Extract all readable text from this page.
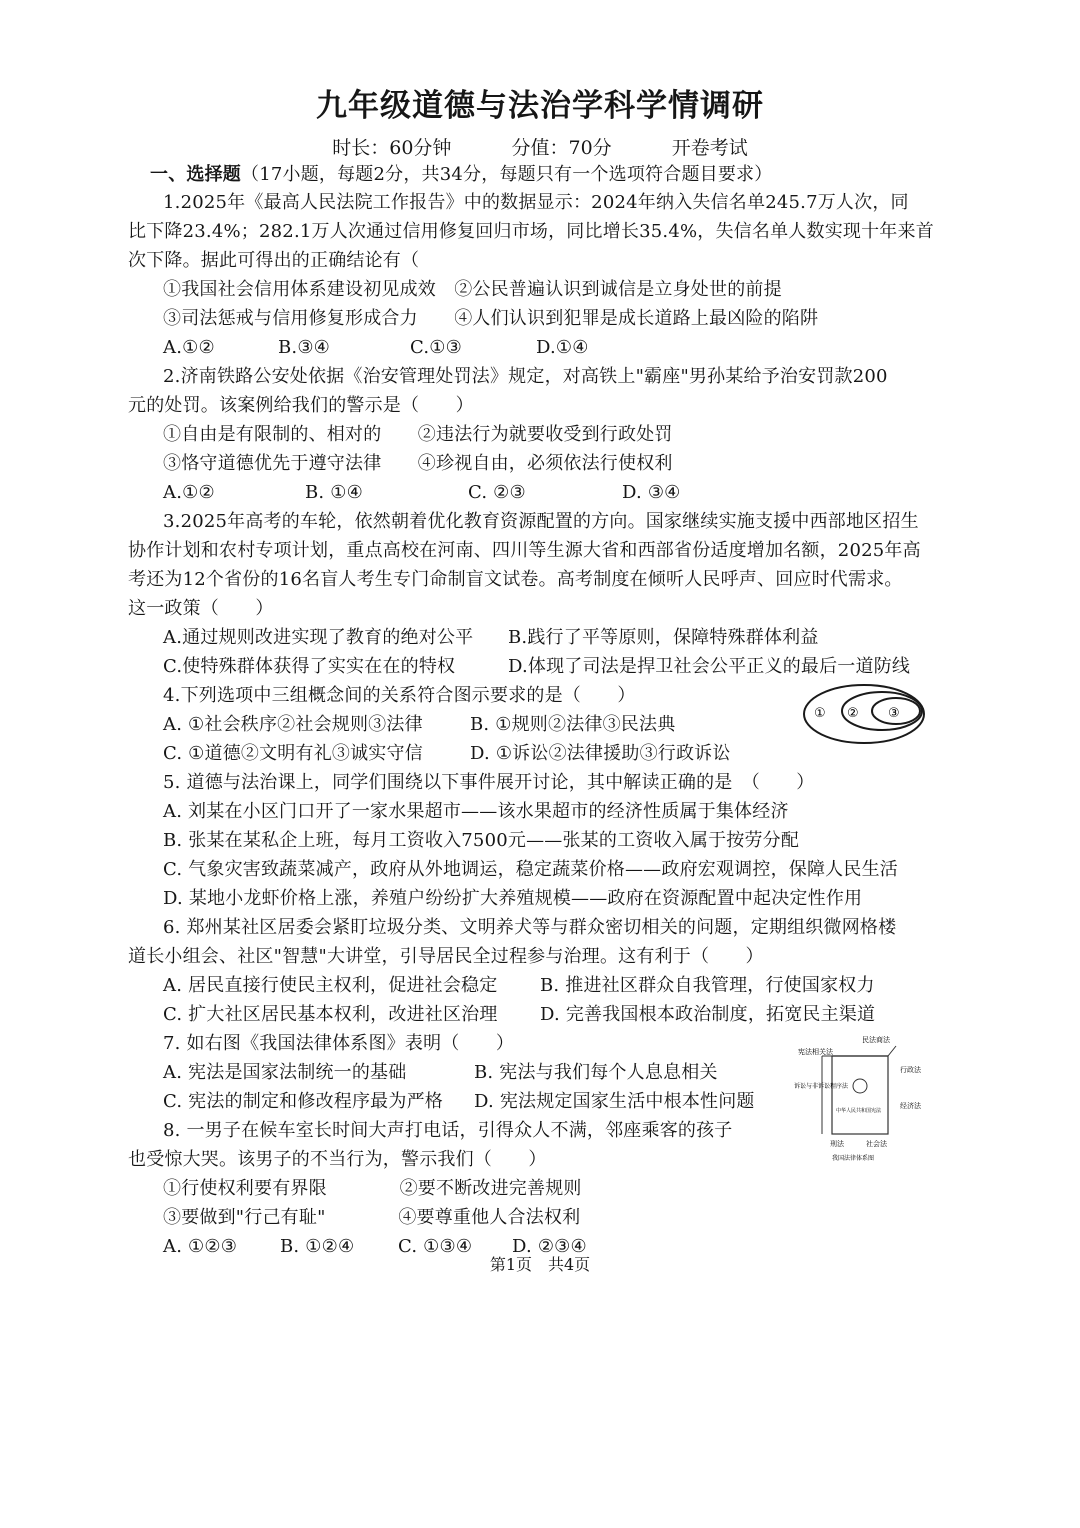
九年级道德与法治学科学情调研
时长：60分钟	分值：70分	开卷考试
一、选择题（17小题，每题2分，共34分，每题只有一个选项符合题目要求）
1.2025年《最高人民法院工作报告》中的数据显示：2024年纳入失信名单245.7万人次，同
比下降23.4%；282.1万人次通过信用修复回归市场，同比增长35.4%，失信名单人数实现十年来首
次下降。据此可得出的正确结论有（
①我国社会信用体系建设初见成效　②公民普遍认识到诚信是立身处世的前提
③司法惩戒与信用修复形成合力　　④人们认识到犯罪是成长道路上最凶险的陷阱
A.①②	B.③④	C.①③	D.①④
2.济南铁路公安处依据《治安管理处罚法》规定，对高铁上"霸座"男孙某给予治安罚款200
元的处罚。该案例给我们的警示是（　　）
①自由是有限制的、相对的　　②违法行为就要收受到行政处罚
③恪守道德优先于遵守法律　　④珍视自由，必须依法行使权利
A.①②	B. ①④	C. ②③	D. ③④
3.2025年高考的车轮，依然朝着优化教育资源配置的方向。国家继续实施支援中西部地区招生
协作计划和农村专项计划，重点高校在河南、四川等生源大省和西部省份适度增加名额，2025年高
考还为12个省份的16名盲人考生专门命制盲文试卷。高考制度在倾听人民呼声、回应时代需求。
这一政策（　　）
A.通过规则改进实现了教育的绝对公平 B.践行了平等原则，保障特殊群体利益
C.使特殊群体获得了实实在在的特权	D.体现了司法是捍卫社会公平正义的最后一道防线
4.下列选项中三组概念间的关系符合图示要求的是（　　）
A. ①社会秩序②社会规则③法律	B. ①规则②法律③民法典
C. ①道德②文明有礼③诚实守信	D. ①诉讼②法律援助③行政诉讼
① ② ③
5. 道德与法治课上，同学们围绕以下事件展开讨论，其中解读正确的是　（　　）
A. 刘某在小区门口开了一家水果超市——该水果超市的经济性质属于集体经济
B. 张某在某私企上班，每月工资收入7500元——张某的工资收入属于按劳分配
C. 气象灾害致蔬菜减产，政府从外地调运，稳定蔬菜价格——政府宏观调控，保障人民生活
D. 某地小龙虾价格上涨，养殖户纷纷扩大养殖规模——政府在资源配置中起决定性作用
6. 郑州某社区居委会紧盯垃圾分类、文明养犬等与群众密切相关的问题，定期组织微网格楼
道长小组会、社区"智慧"大讲堂，引导居民全过程参与治理。这有利于（　　）
A. 居民直接行使民主权利，促进社会稳定 B. 推进社区群众自我管理，行使国家权力
C. 扩大社区居民基本权利，改进社区治理 D. 完善我国根本政治制度，拓宽民主渠道
7. 如右图《我国法律体系图》表明（　　）
A. 宪法是国家法制统一的基础	B. 宪法与我们每个人息息相关
C. 宪法的制定和修改程序最为严格 D. 宪法规定国家生活中根本性问题
民法商法
宪法相关法
行政法
诉讼与非诉讼程序法
经济法
中华人民共和国宪法
刑法	社会法
我国法律体系图
8. 一男子在候车室长时间大声打电话，引得众人不满，邻座乘客的孩子
也受惊大哭。该男子的不当行为，警示我们（　　）
①行使权利要有界限　　　　②要不断改进完善规则
③要做到"行己有耻"　　　　④要尊重他人合法权利
A. ①②③ B. ①②④ C. ①③④ D. ②③④
第1页　共4页
